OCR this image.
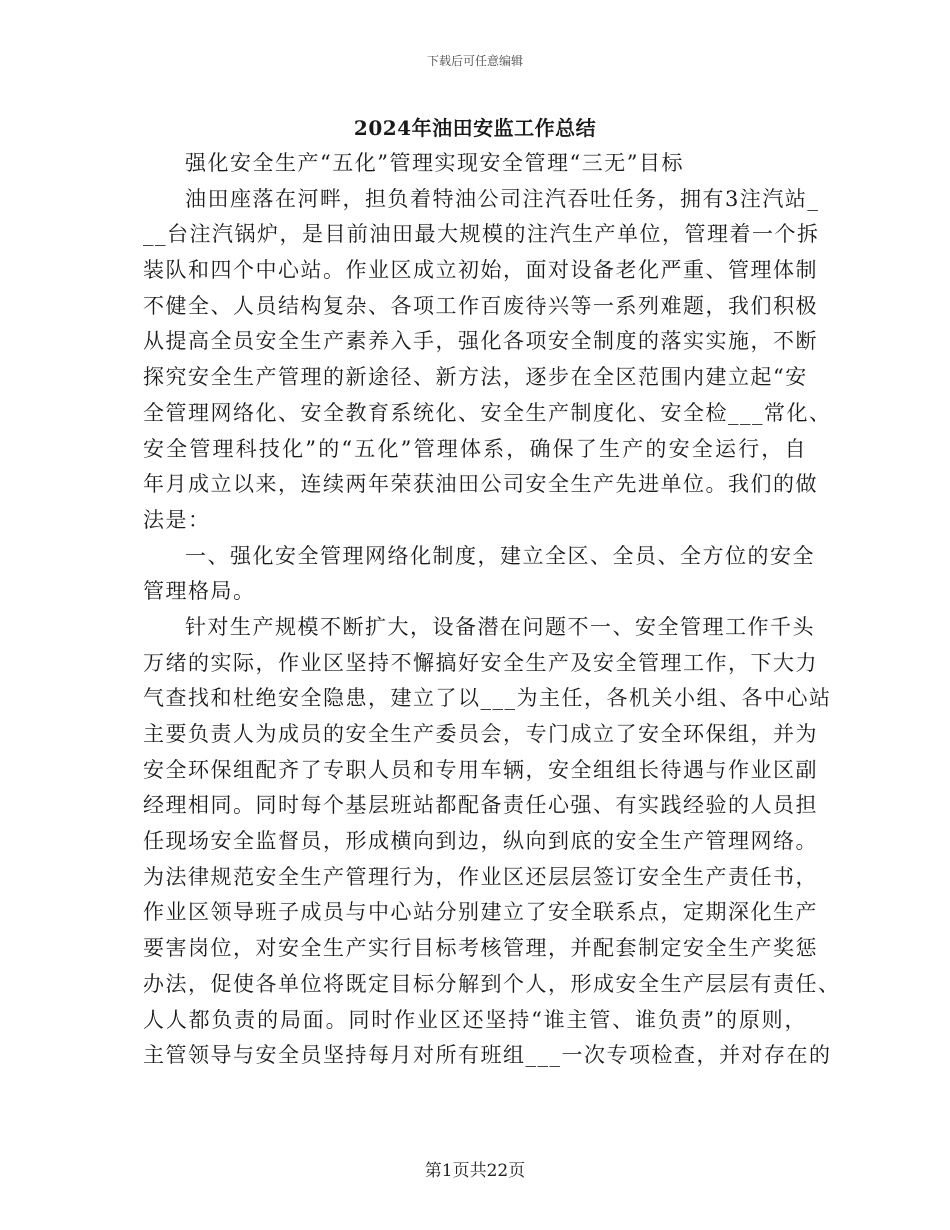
下载后可任意编辑
2024年油田安监工作总结
强化安全生产“五化”管理实现安全管理“三无”目标
油田座落在河畔，担负着特油公司注汽吞吐任务，拥有3注汽站_
__台注汽锅炉，是目前油田最大规模的注汽生产单位，管理着一个拆
装队和四个中心站。作业区成立初始，面对设备老化严重、管理体制
不健全、人员结构复杂、各项工作百废待兴等一系列难题，我们积极
从提高全员安全生产素养入手，强化各项安全制度的落实实施，不断
探究安全生产管理的新途径、新方法，逐步在全区范围内建立起“安
全管理网络化、安全教育系统化、安全生产制度化、安全检___常化、
安全管理科技化”的“五化”管理体系，确保了生产的安全运行，自
年月成立以来，连续两年荣获油田公司安全生产先进单位。我们的做
法是：
一、强化安全管理网络化制度，建立全区、全员、全方位的安全
管理格局。
针对生产规模不断扩大，设备潜在问题不一、安全管理工作千头
万绪的实际，作业区坚持不懈搞好安全生产及安全管理工作，下大力
气查找和杜绝安全隐患，建立了以___为主任，各机关小组、各中心站
主要负责人为成员的安全生产委员会，专门成立了安全环保组，并为
安全环保组配齐了专职人员和专用车辆，安全组组长待遇与作业区副
经理相同。同时每个基层班站都配备责任心强、有实践经验的人员担
任现场安全监督员，形成横向到边，纵向到底的安全生产管理网络。
为法律规范安全生产管理行为，作业区还层层签订安全生产责任书，
作业区领导班子成员与中心站分别建立了安全联系点，定期深化生产
要害岗位，对安全生产实行目标考核管理，并配套制定安全生产奖惩
办法，促使各单位将既定目标分解到个人，形成安全生产层层有责任、
人人都负责的局面。同时作业区还坚持“谁主管、谁负责”的原则，
主管领导与安全员坚持每月对所有班组___一次专项检查，并对存在的
第1页共22页
